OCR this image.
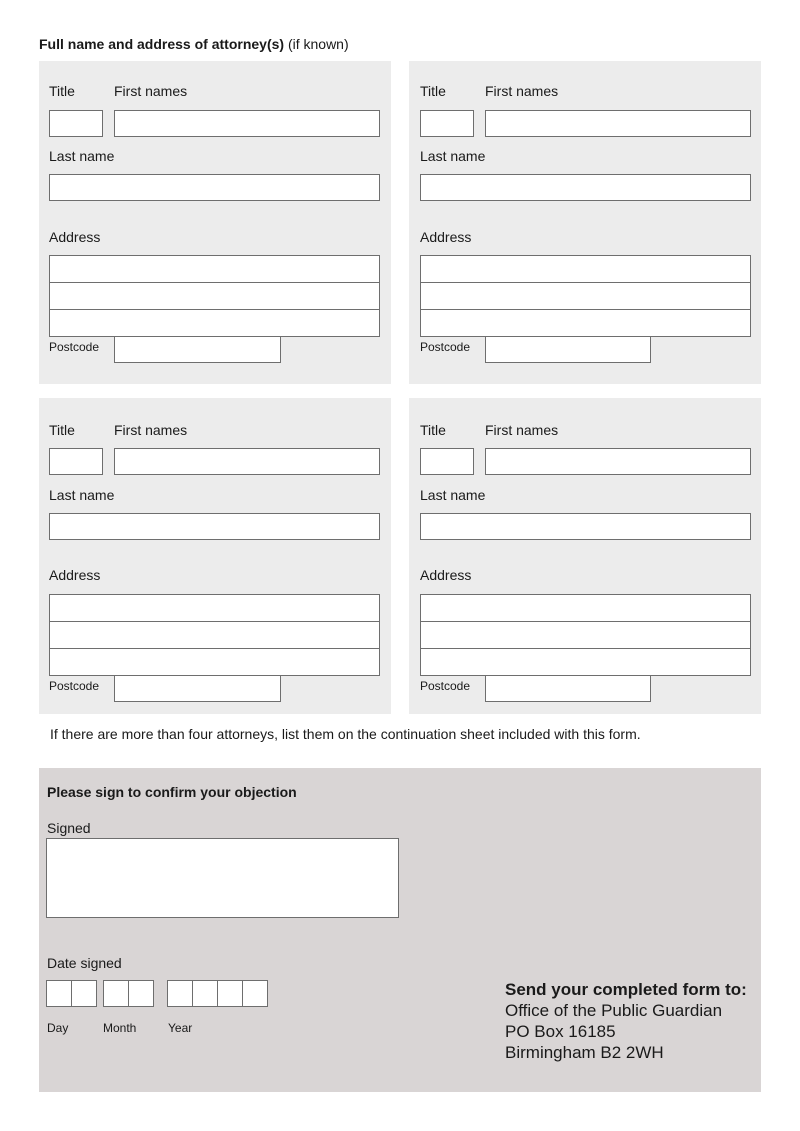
Full name and address of attorney(s) (if known)
Title	First names
Last name
Address
Postcode
Title	First names
Last name
Address
Postcode
Title	First names
Last name
Address
Postcode
Title	First names
Last name
Address
Postcode
If there are more than four attorneys, list them on the continuation sheet included with this form.
Please sign to confirm your objection
Signed
Date signed
Day	Month	Year
Send your completed form to:
Office of the Public Guardian
PO Box 16185
Birmingham B2 2WH
